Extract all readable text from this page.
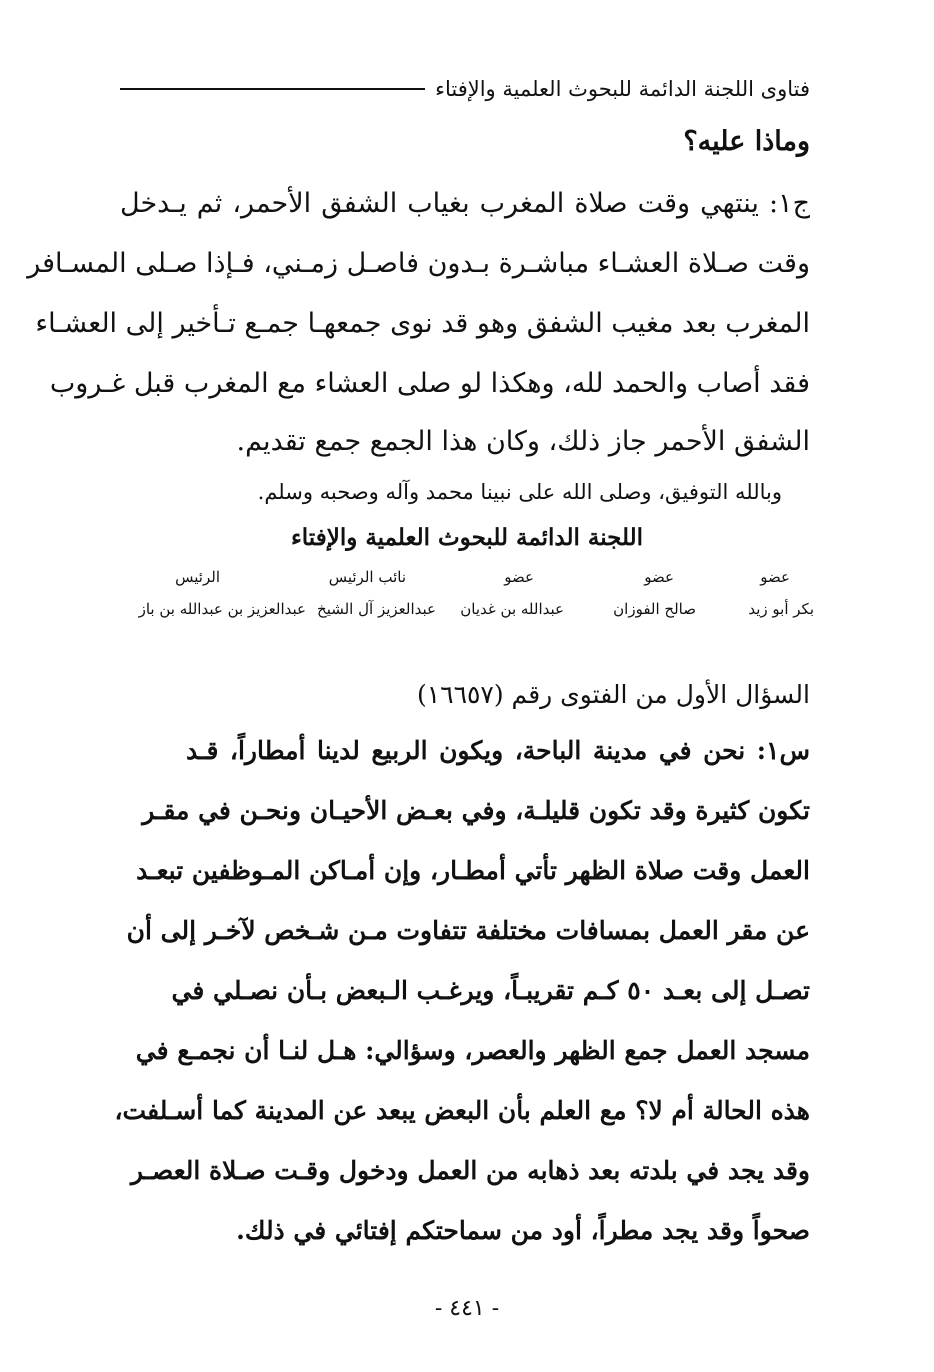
فتاوى اللجنة الدائمة للبحوث العلمية والإفتاء
وماذا عليه؟
ج١: ينتهي وقت صلاة المغرب بغياب الشفق الأحمر، ثم يـدخل
وقت صـلاة العشـاء مباشـرة بـدون فاصـل زمـني، فـإذا صـلى المسـافر
المغرب بعد مغيب الشفق وهو قد نوى جمعهـا جمـع تـأخير إلى العشـاء
فقد أصاب والحمد لله، وهكذا لو صلى العشاء مع المغرب قبل غـروب
الشفق الأحمر جاز ذلك، وكان هذا الجمع جمع تقديم.
وبالله التوفيق، وصلى الله على نبينا محمد وآله وصحبه وسلم.
اللجنة الدائمة للبحوث العلمية والإفتاء
عضو
عضو
عضو
نائب الرئيس
الرئيس
بكر أبو زيد
صالح الفوزان
عبدالله بن غديان
عبدالعزيز آل الشيخ
عبدالعزيز بن عبدالله بن باز
السؤال الأول من الفتوى رقم (١٦٦٥٧)
س١: نحن في مدينة الباحة، ويكون الربيع لدينا أمطاراً، قـد
تكون كثيرة وقد تكون قليلـة، وفي بعـض الأحيـان ونحـن في مقـر
العمل وقت صلاة الظهر تأتي أمطـار، وإن أمـاكن المـوظفين تبعـد
عن مقر العمل بمسافات مختلفة تتفاوت مـن شـخص لآخـر إلى أن
تصـل إلى بعـد ٥٠ كـم تقريبـاً، ويرغـب الـبعض بـأن نصـلي في
مسجد العمل جمع الظهر والعصر، وسؤالي: هـل لنـا أن نجمـع في
هذه الحالة أم لا؟ مع العلم بأن البعض يبعد عن المدينة كما أسـلفت،
وقد يجد في بلدته بعد ذهابه من العمل ودخول وقـت صـلاة العصـر
صحواً وقد يجد مطراً، أود من سماحتكم إفتائي في ذلك.
- ٤٤١ -
